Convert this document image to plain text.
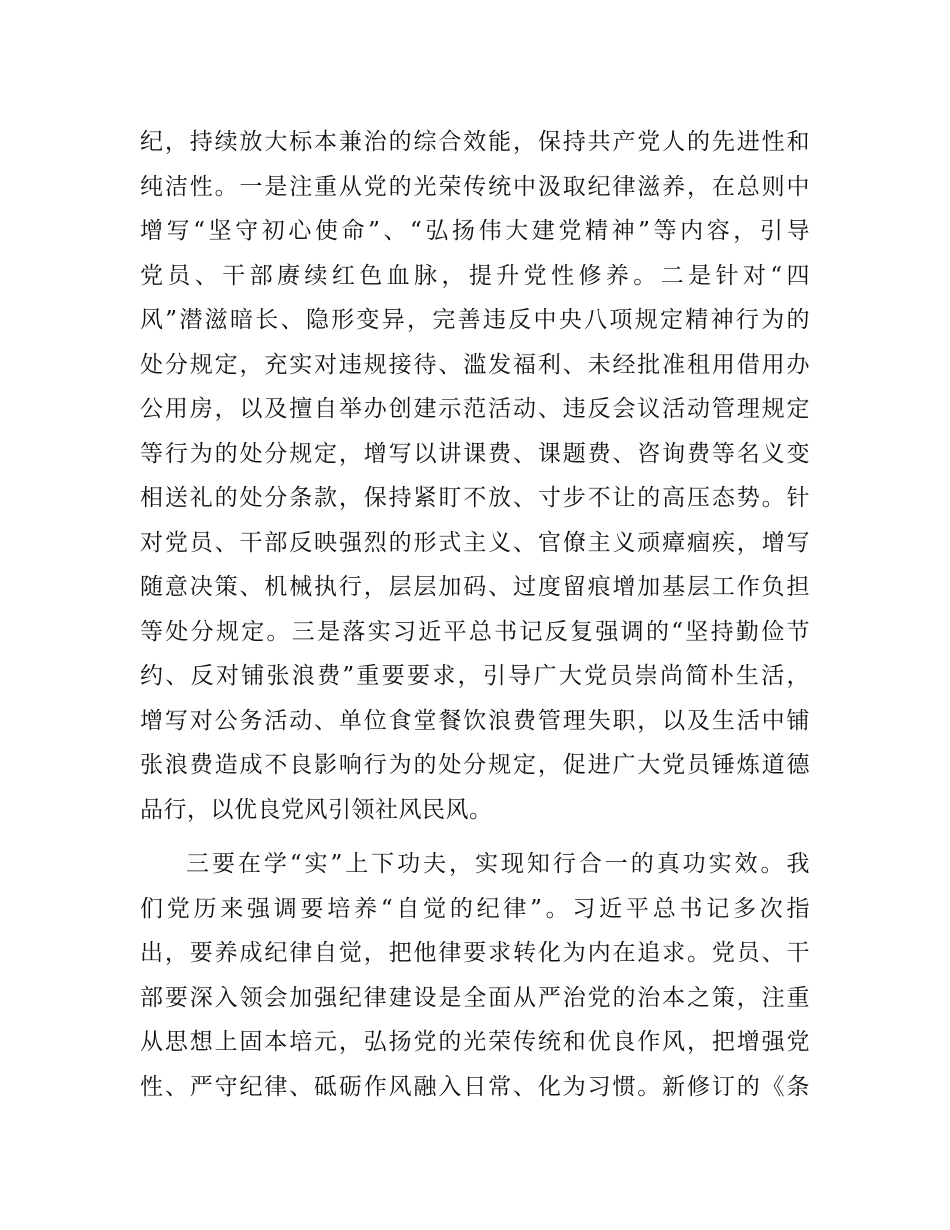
纪，持续放大标本兼治的综合效能，保持共产党人的先进性和
纯洁性。一是注重从党的光荣传统中汲取纪律滋养，在总则中
增写“坚守初心使命”、“弘扬伟大建党精神”等内容，引导
党员、干部赓续红色血脉，提升党性修养。二是针对“四
风”潜滋暗长、隐形变异，完善违反中央八项规定精神行为的
处分规定，充实对违规接待、滥发福利、未经批准租用借用办
公用房，以及擅自举办创建示范活动、违反会议活动管理规定
等行为的处分规定，增写以讲课费、课题费、咨询费等名义变
相送礼的处分条款，保持紧盯不放、寸步不让的高压态势。针
对党员、干部反映强烈的形式主义、官僚主义顽瘴痼疾，增写
随意决策、机械执行，层层加码、过度留痕增加基层工作负担
等处分规定。三是落实习近平总书记反复强调的“坚持勤俭节
约、反对铺张浪费”重要要求，引导广大党员崇尚简朴生活，
增写对公务活动、单位食堂餐饮浪费管理失职，以及生活中铺
张浪费造成不良影响行为的处分规定，促进广大党员锤炼道德
品行，以优良党风引领社风民风。
三要在学“实”上下功夫，实现知行合一的真功实效。我
们党历来强调要培养“自觉的纪律”。习近平总书记多次指
出，要养成纪律自觉，把他律要求转化为内在追求。党员、干
部要深入领会加强纪律建设是全面从严治党的治本之策，注重
从思想上固本培元，弘扬党的光荣传统和优良作风，把增强党
性、严守纪律、砥砺作风融入日常、化为习惯。新修订的《条
